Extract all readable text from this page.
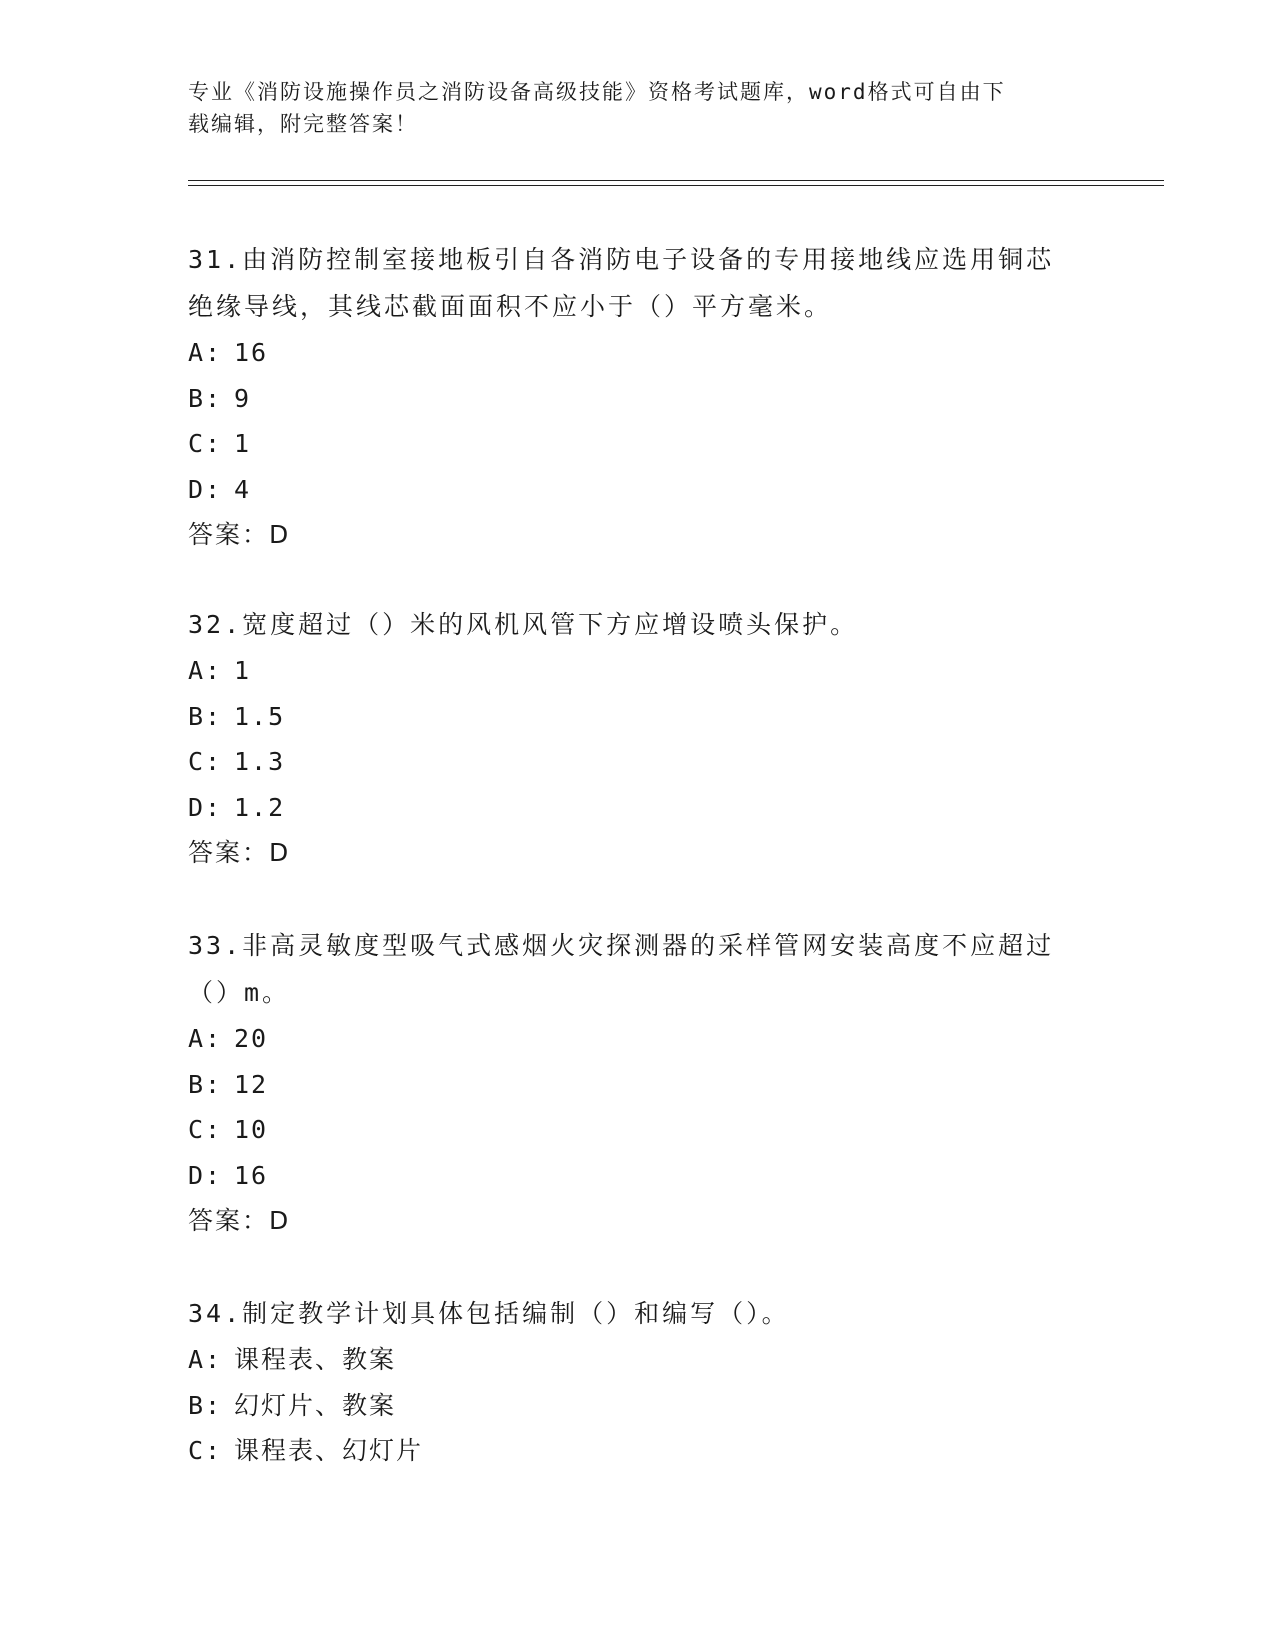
专业《消防设施操作员之消防设备高级技能》资格考试题库，word格式可自由下
载编辑，附完整答案！
31.由消防控制室接地板引自各消防电子设备的专用接地线应选用铜芯
绝缘导线，其线芯截面面积不应小于（）平方毫米。
A: 16
B: 9
C: 1
D: 4
答案：D
32.宽度超过（）米的风机风管下方应增设喷头保护。
A: 1
B: 1.5
C: 1.3
D: 1.2
答案：D
33.非高灵敏度型吸气式感烟火灾探测器的采样管网安装高度不应超过
（）m。
A: 20
B: 12
C: 10
D: 16
答案：D
34.制定教学计划具体包括编制（）和编写（）。
A: 课程表、教案
B: 幻灯片、教案
C: 课程表、幻灯片
